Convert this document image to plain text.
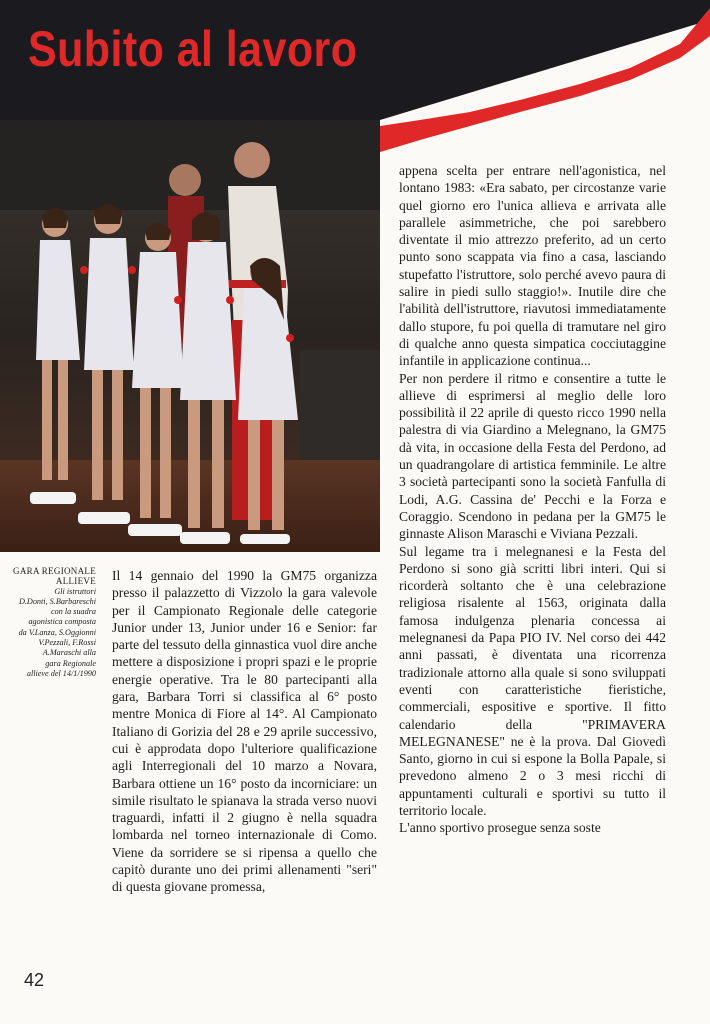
Subito al lavoro
GARA REGIONALE
ALLIEVE
Gli istruttori
D.Donti, S.Barbareschi
con la suadra
agonistica composta
da V.Lanza, S.Oggionni
V.Pezzali, F.Rossi
A.Maraschi alla
gara Regionale
allieve del 14/1/1990

Il 14 gennaio del 1990 la GM75 organizza presso il palazzetto di Vizzolo la gara valevole per il Campionato Regionale delle categorie Junior under 13, Junior under 16 e Senior: far parte del tessuto della ginnastica vuol dire anche mettere a disposizione i propri spazi e le proprie energie operative. Tra le 80 partecipanti alla gara, Barbara Torri si classifica al 6° posto mentre Monica di Fiore al 14°. Al Campionato Italiano di Gorizia del 28 e 29 aprile successivo, cui è approdata dopo l'ulteriore qualificazione agli Interregionali del 10 marzo a Novara, Barbara ottiene un 16° posto da incorniciare: un simile risultato le spianava la strada verso nuovi traguardi, infatti il 2 giugno è nella squadra lombarda nel torneo internazionale di Como. Viene da sorridere se si ripensa a quello che capitò durante uno dei primi allenamenti "seri" di questa giovane promessa,

appena scelta per entrare nell'agonistica, nel lontano 1983: «Era sabato, per circostanze varie quel giorno ero l'unica allieva e arrivata alle parallele asimmetriche, che poi sarebbero diventate il mio attrezzo preferito, ad un certo punto sono scappata via fino a casa, lasciando stupefatto l'istruttore, solo perché avevo paura di salire in piedi sullo staggio!». Inutile dire che l'abilità dell'istruttore, riavutosi immediatamente dallo stupore, fu poi quella di tramutare nel giro di qualche anno questa simpatica cocciutaggine infantile in applicazione continua...

Per non perdere il ritmo e consentire a tutte le allieve di esprimersi al meglio delle loro possibilità il 22 aprile di questo ricco 1990 nella palestra di via Giardino a Melegnano, la GM75 dà vita, in occasione della Festa del Perdono, ad un quadrangolare di artistica femminile. Le altre 3 società partecipanti sono la società Fanfulla di Lodi, A.G. Cassina de' Pecchi e la Forza e Coraggio. Scendono in pedana per la GM75 le ginnaste Alison Maraschi e Viviana Pezzali.

Sul legame tra i melegnanesi e la Festa del Perdono si sono già scritti libri interi. Qui si ricorderà soltanto che è una celebrazione religiosa risalente al 1563, originata dalla famosa indulgenza plenaria concessa ai melegnanesi da Papa PIO IV. Nel corso dei 442 anni passati, è diventata una ricorrenza tradizionale attorno alla quale si sono sviluppati eventi con caratteristiche fieristiche, commerciali, espositive e sportive. Il fitto calendario della "PRIMAVERA MELEGNANESE" ne è la prova. Dal Giovedì Santo, giorno in cui si espone la Bolla Papale, si prevedono almeno 2 o 3 mesi ricchi di appuntamenti culturali e sportivi su tutto il territorio locale.

L'anno sportivo prosegue senza soste

42
